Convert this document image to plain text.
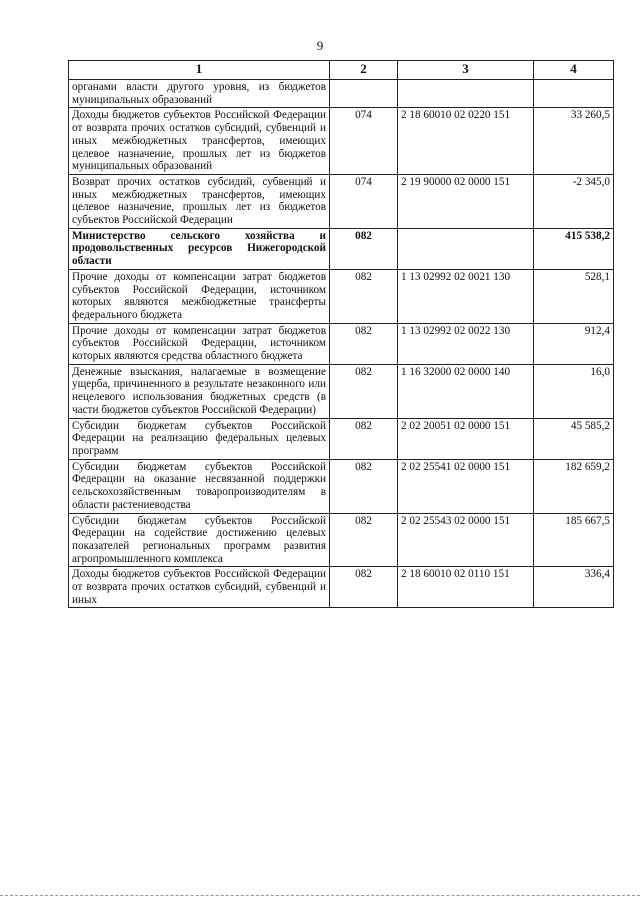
9
1	2	3	4
органами власти другого уровня, из бюджетов муниципальных образований			
Доходы бюджетов субъектов Российской Федерации от возврата прочих остатков субсидий, субвенций и иных межбюджетных трансфертов, имеющих целевое назначение, прошлых лет из бюджетов муниципальных образований	074	2 18 60010 02 0220 151	33 260,5
Возврат прочих остатков субсидий, субвенций и иных межбюджетных трансфертов, имеющих целевое назначение, прошлых лет из бюджетов субъектов Российской Федерации	074	2 19 90000 02 0000 151	-2 345,0
Министерство сельского хозяйства и продовольственных ресурсов Нижегородской области	082		415 538,2
Прочие доходы от компенсации затрат бюджетов субъектов Российской Федерации, источником которых являются межбюджетные трансферты федерального бюджета	082	1 13 02992 02 0021 130	528,1
Прочие доходы от компенсации затрат бюджетов субъектов Российской Федерации, источником которых являются средства областного бюджета	082	1 13 02992 02 0022 130	912,4
Денежные взыскания, налагаемые в возмещение ущерба, причиненного в результате незаконного или нецелевого использования бюджетных средств (в части бюджетов субъектов Российской Федерации)	082	1 16 32000 02 0000 140	16,0
Субсидии бюджетам субъектов Российской Федерации на реализацию федеральных целевых программ	082	2 02 20051 02 0000 151	45 585,2
Субсидии бюджетам субъектов Российской Федерации на оказание несвязанной поддержки сельскохозяйственным товаропроизводителям в области растениеводства	082	2 02 25541 02 0000 151	182 659,2
Субсидии бюджетам субъектов Российской Федерации на содействие достижению целевых показателей региональных программ развития агропромышленного комплекса	082	2 02 25543 02 0000 151	185 667,5
Доходы бюджетов субъектов Российской Федерации от возврата прочих остатков субсидий, субвенций и иных	082	2 18 60010 02 0110 151	336,4
